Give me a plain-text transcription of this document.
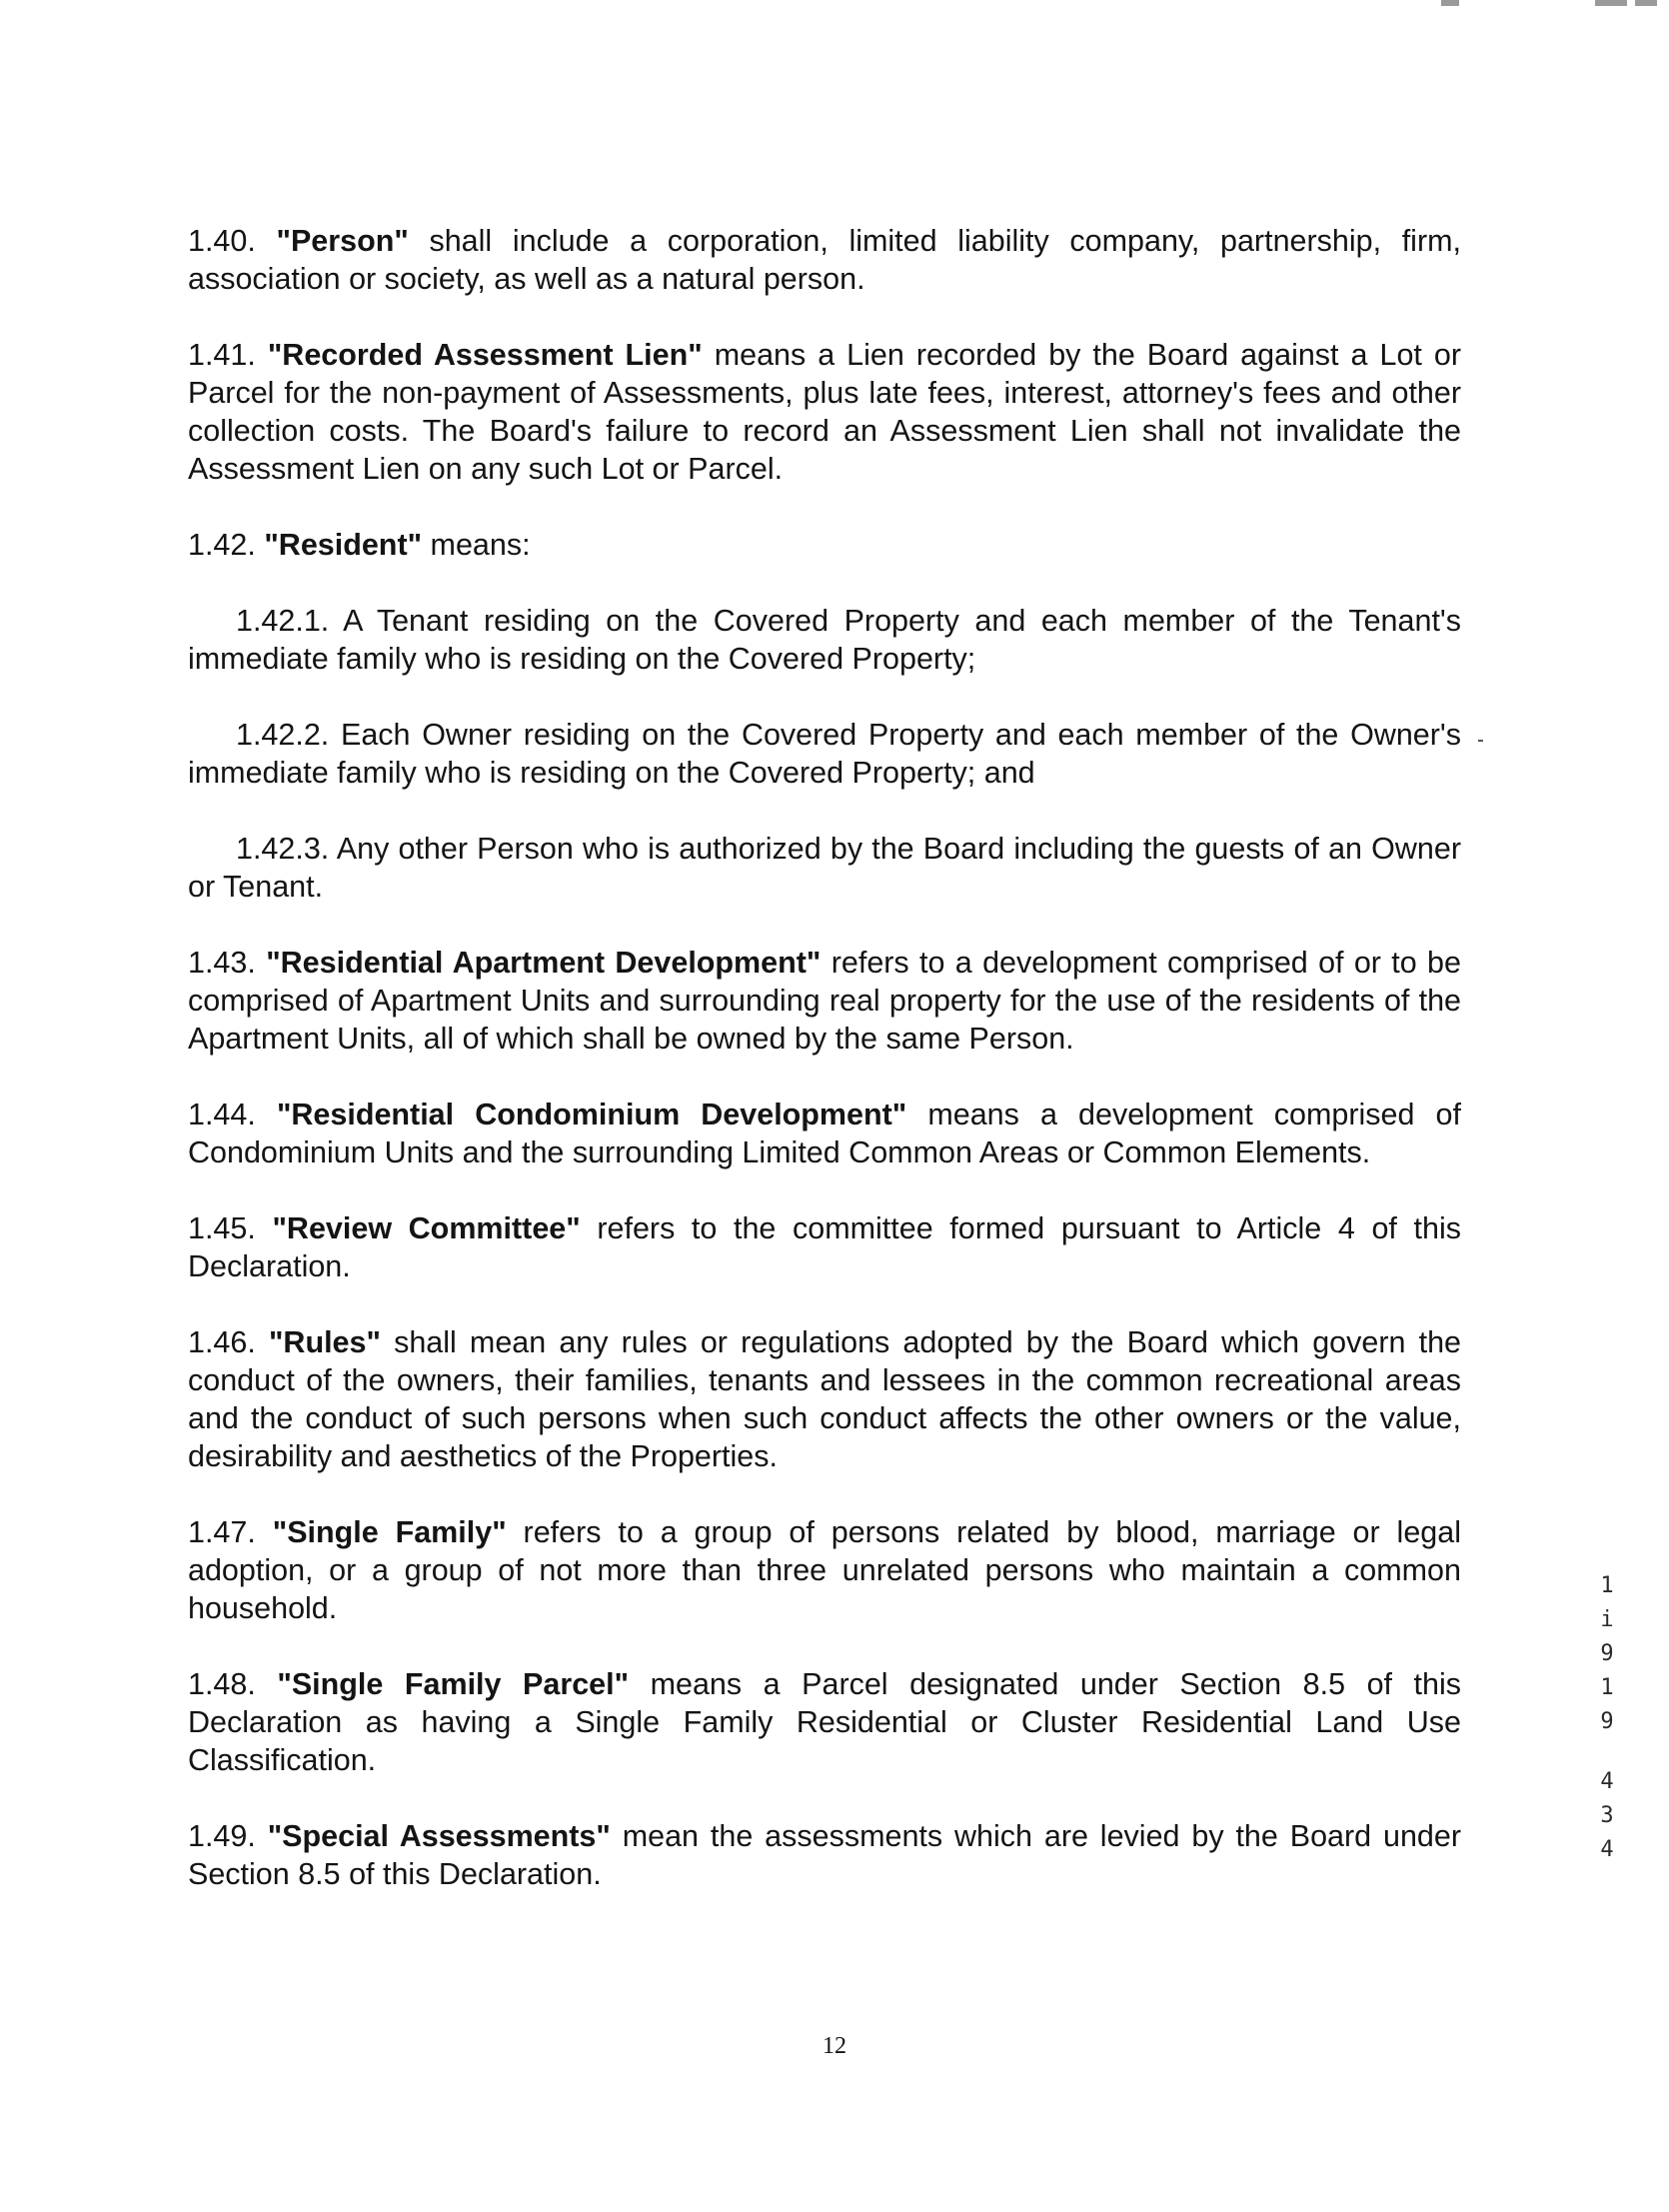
1.40. "Person" shall include a corporation, limited liability company, partnership, firm, association or society, as well as a natural person.

1.41. "Recorded Assessment Lien" means a Lien recorded by the Board against a Lot or Parcel for the non-payment of Assessments, plus late fees, interest, attorney's fees and other collection costs. The Board's failure to record an Assessment Lien shall not invalidate the Assessment Lien on any such Lot or Parcel.

1.42. "Resident" means:

1.42.1. A Tenant residing on the Covered Property and each member of the Tenant's immediate family who is residing on the Covered Property;

1.42.2. Each Owner residing on the Covered Property and each member of the Owner's immediate family who is residing on the Covered Property; and

1.42.3. Any other Person who is authorized by the Board including the guests of an Owner or Tenant.

1.43. "Residential Apartment Development" refers to a development comprised of or to be comprised of Apartment Units and surrounding real property for the use of the residents of the Apartment Units, all of which shall be owned by the same Person.

1.44. "Residential Condominium Development" means a development comprised of Condominium Units and the surrounding Limited Common Areas or Common Elements.

1.45. "Review Committee" refers to the committee formed pursuant to Article 4 of this Declaration.

1.46. "Rules" shall mean any rules or regulations adopted by the Board which govern the conduct of the owners, their families, tenants and lessees in the common recreational areas and the conduct of such persons when such conduct affects the other owners or the value, desirability and aesthetics of the Properties.

1.47. "Single Family" refers to a group of persons related by blood, marriage or legal adoption, or a group of not more than three unrelated persons who maintain a common household.

1.48. "Single Family Parcel" means a Parcel designated under Section 8.5 of this Declaration as having a Single Family Residential or Cluster Residential Land Use Classification.

1.49. "Special Assessments" mean the assessments which are levied by the Board under Section 8.5 of this Declaration.

1
i
9
1
9
4
3
4
12
